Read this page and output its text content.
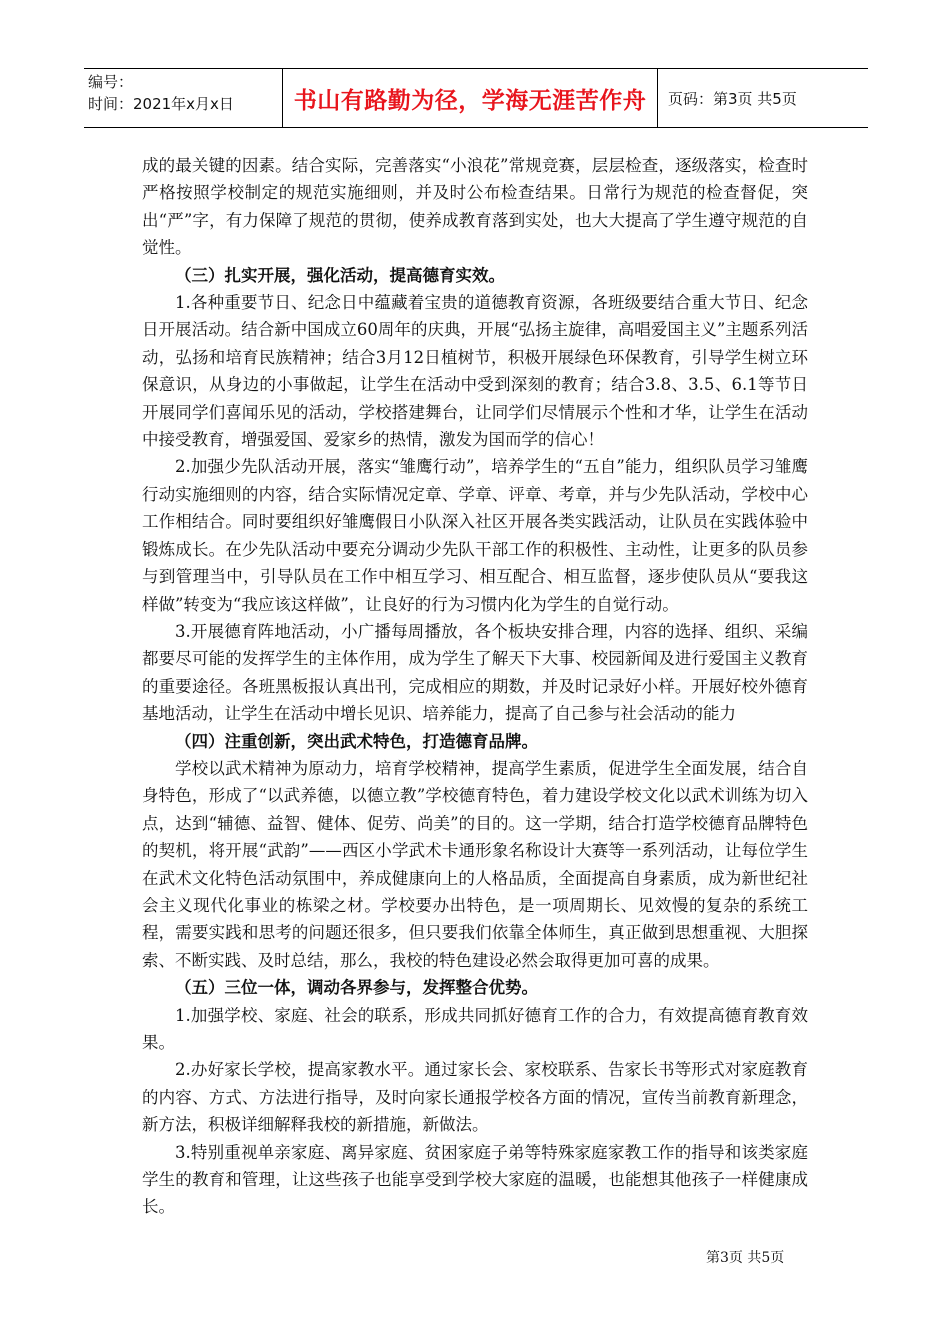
编号：
时间：2021年x月x日	书山有路勤为径，学海无涯苦作舟	页码：第3页 共5页

成的最关键的因素。结合实际，完善落实“小浪花”常规竞赛，层层检查，逐级落实，检查时严格按照学校制定的规范实施细则，并及时公布检查结果。日常行为规范的检查督促，突出“严”字，有力保障了规范的贯彻，使养成教育落到实处，也大大提高了学生遵守规范的自觉性。

（三）扎实开展，强化活动，提高德育实效。

1.各种重要节日、纪念日中蕴藏着宝贵的道德教育资源，各班级要结合重大节日、纪念日开展活动。结合新中国成立60周年的庆典，开展“弘扬主旋律，高唱爱国主义”主题系列活动，弘扬和培育民族精神；结合3月12日植树节，积极开展绿色环保教育，引导学生树立环保意识，从身边的小事做起，让学生在活动中受到深刻的教育；结合3.8、3.5、6.1等节日开展同学们喜闻乐见的活动，学校搭建舞台，让同学们尽情展示个性和才华，让学生在活动中接受教育，增强爱国、爱家乡的热情，激发为国而学的信心！

2.加强少先队活动开展，落实“雏鹰行动”，培养学生的“五自”能力，组织队员学习雏鹰行动实施细则的内容，结合实际情况定章、学章、评章、考章，并与少先队活动，学校中心工作相结合。同时要组织好雏鹰假日小队深入社区开展各类实践活动，让队员在实践体验中锻炼成长。在少先队活动中要充分调动少先队干部工作的积极性、主动性，让更多的队员参与到管理当中，引导队员在工作中相互学习、相互配合、相互监督，逐步使队员从“要我这样做”转变为“我应该这样做”，让良好的行为习惯内化为学生的自觉行动。

3.开展德育阵地活动，小广播每周播放，各个板块安排合理，内容的选择、组织、采编都要尽可能的发挥学生的主体作用，成为学生了解天下大事、校园新闻及进行爱国主义教育的重要途径。各班黑板报认真出刊，完成相应的期数，并及时记录好小样。开展好校外德育基地活动，让学生在活动中增长见识、培养能力，提高了自己参与社会活动的能力

（四）注重创新，突出武术特色，打造德育品牌。

学校以武术精神为原动力，培育学校精神，提高学生素质，促进学生全面发展，结合自身特色，形成了“以武养德，以德立教”学校德育特色，着力建设学校文化以武术训练为切入点，达到“辅德、益智、健体、促劳、尚美”的目的。这一学期，结合打造学校德育品牌特色的契机，将开展“武韵”——西区小学武术卡通形象名称设计大赛等一系列活动，让每位学生在武术文化特色活动氛围中，养成健康向上的人格品质，全面提高自身素质，成为新世纪社会主义现代化事业的栋梁之材。学校要办出特色，是一项周期长、见效慢的复杂的系统工程，需要实践和思考的问题还很多，但只要我们依靠全体师生，真正做到思想重视、大胆探索、不断实践、及时总结，那么，我校的特色建设必然会取得更加可喜的成果。

（五）三位一体，调动各界参与，发挥整合优势。

1.加强学校、家庭、社会的联系，形成共同抓好德育工作的合力，有效提高德育教育效果。

2.办好家长学校，提高家教水平。通过家长会、家校联系、告家长书等形式对家庭教育的内容、方式、方法进行指导，及时向家长通报学校各方面的情况，宣传当前教育新理念，新方法，积极详细解释我校的新措施，新做法。

3.特别重视单亲家庭、离异家庭、贫困家庭子弟等特殊家庭家教工作的指导和该类家庭学生的教育和管理，让这些孩子也能享受到学校大家庭的温暖，也能想其他孩子一样健康成长。

第3页 共5页
